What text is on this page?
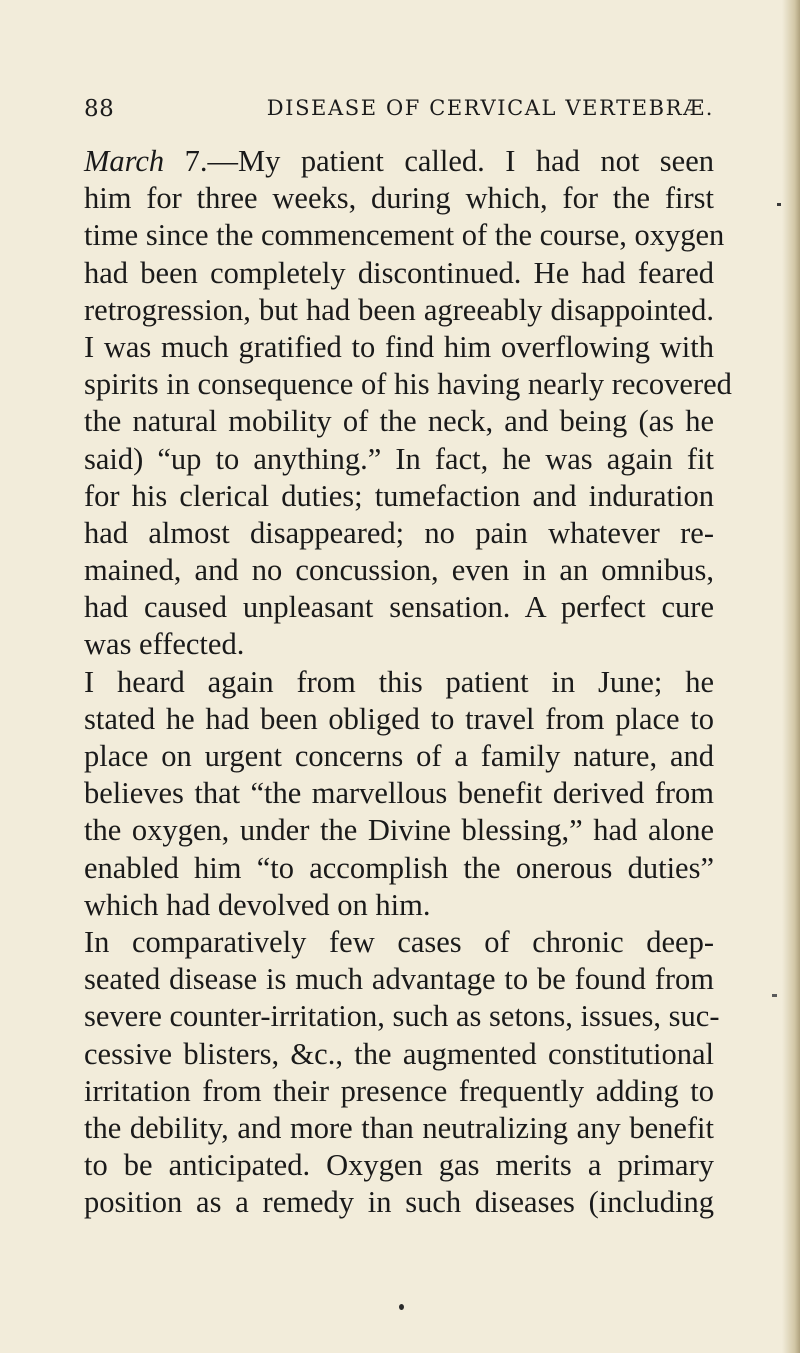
88	DISEASE OF CERVICAL VERTEBRÆ.
March 7.—My patient called. I had not seen
him for three weeks, during which, for the first
time since the commencement of the course, oxygen
had been completely discontinued. He had feared
retrogression, but had been agreeably disappointed.
I was much gratified to find him overflowing with
spirits in consequence of his having nearly recovered
the natural mobility of the neck, and being (as he
said) “up to anything.” In fact, he was again fit
for his clerical duties; tumefaction and induration
had almost disappeared; no pain whatever re-
mained, and no concussion, even in an omnibus,
had caused unpleasant sensation. A perfect cure
was effected.
I heard again from this patient in June; he
stated he had been obliged to travel from place to
place on urgent concerns of a family nature, and
believes that “the marvellous benefit derived from
the oxygen, under the Divine blessing,” had alone
enabled him “to accomplish the onerous duties”
which had devolved on him.
In comparatively few cases of chronic deep-
seated disease is much advantage to be found from
severe counter-irritation, such as setons, issues, suc-
cessive blisters, &c., the augmented constitutional
irritation from their presence frequently adding to
the debility, and more than neutralizing any benefit
to be anticipated. Oxygen gas merits a primary
position as a remedy in such diseases (including
